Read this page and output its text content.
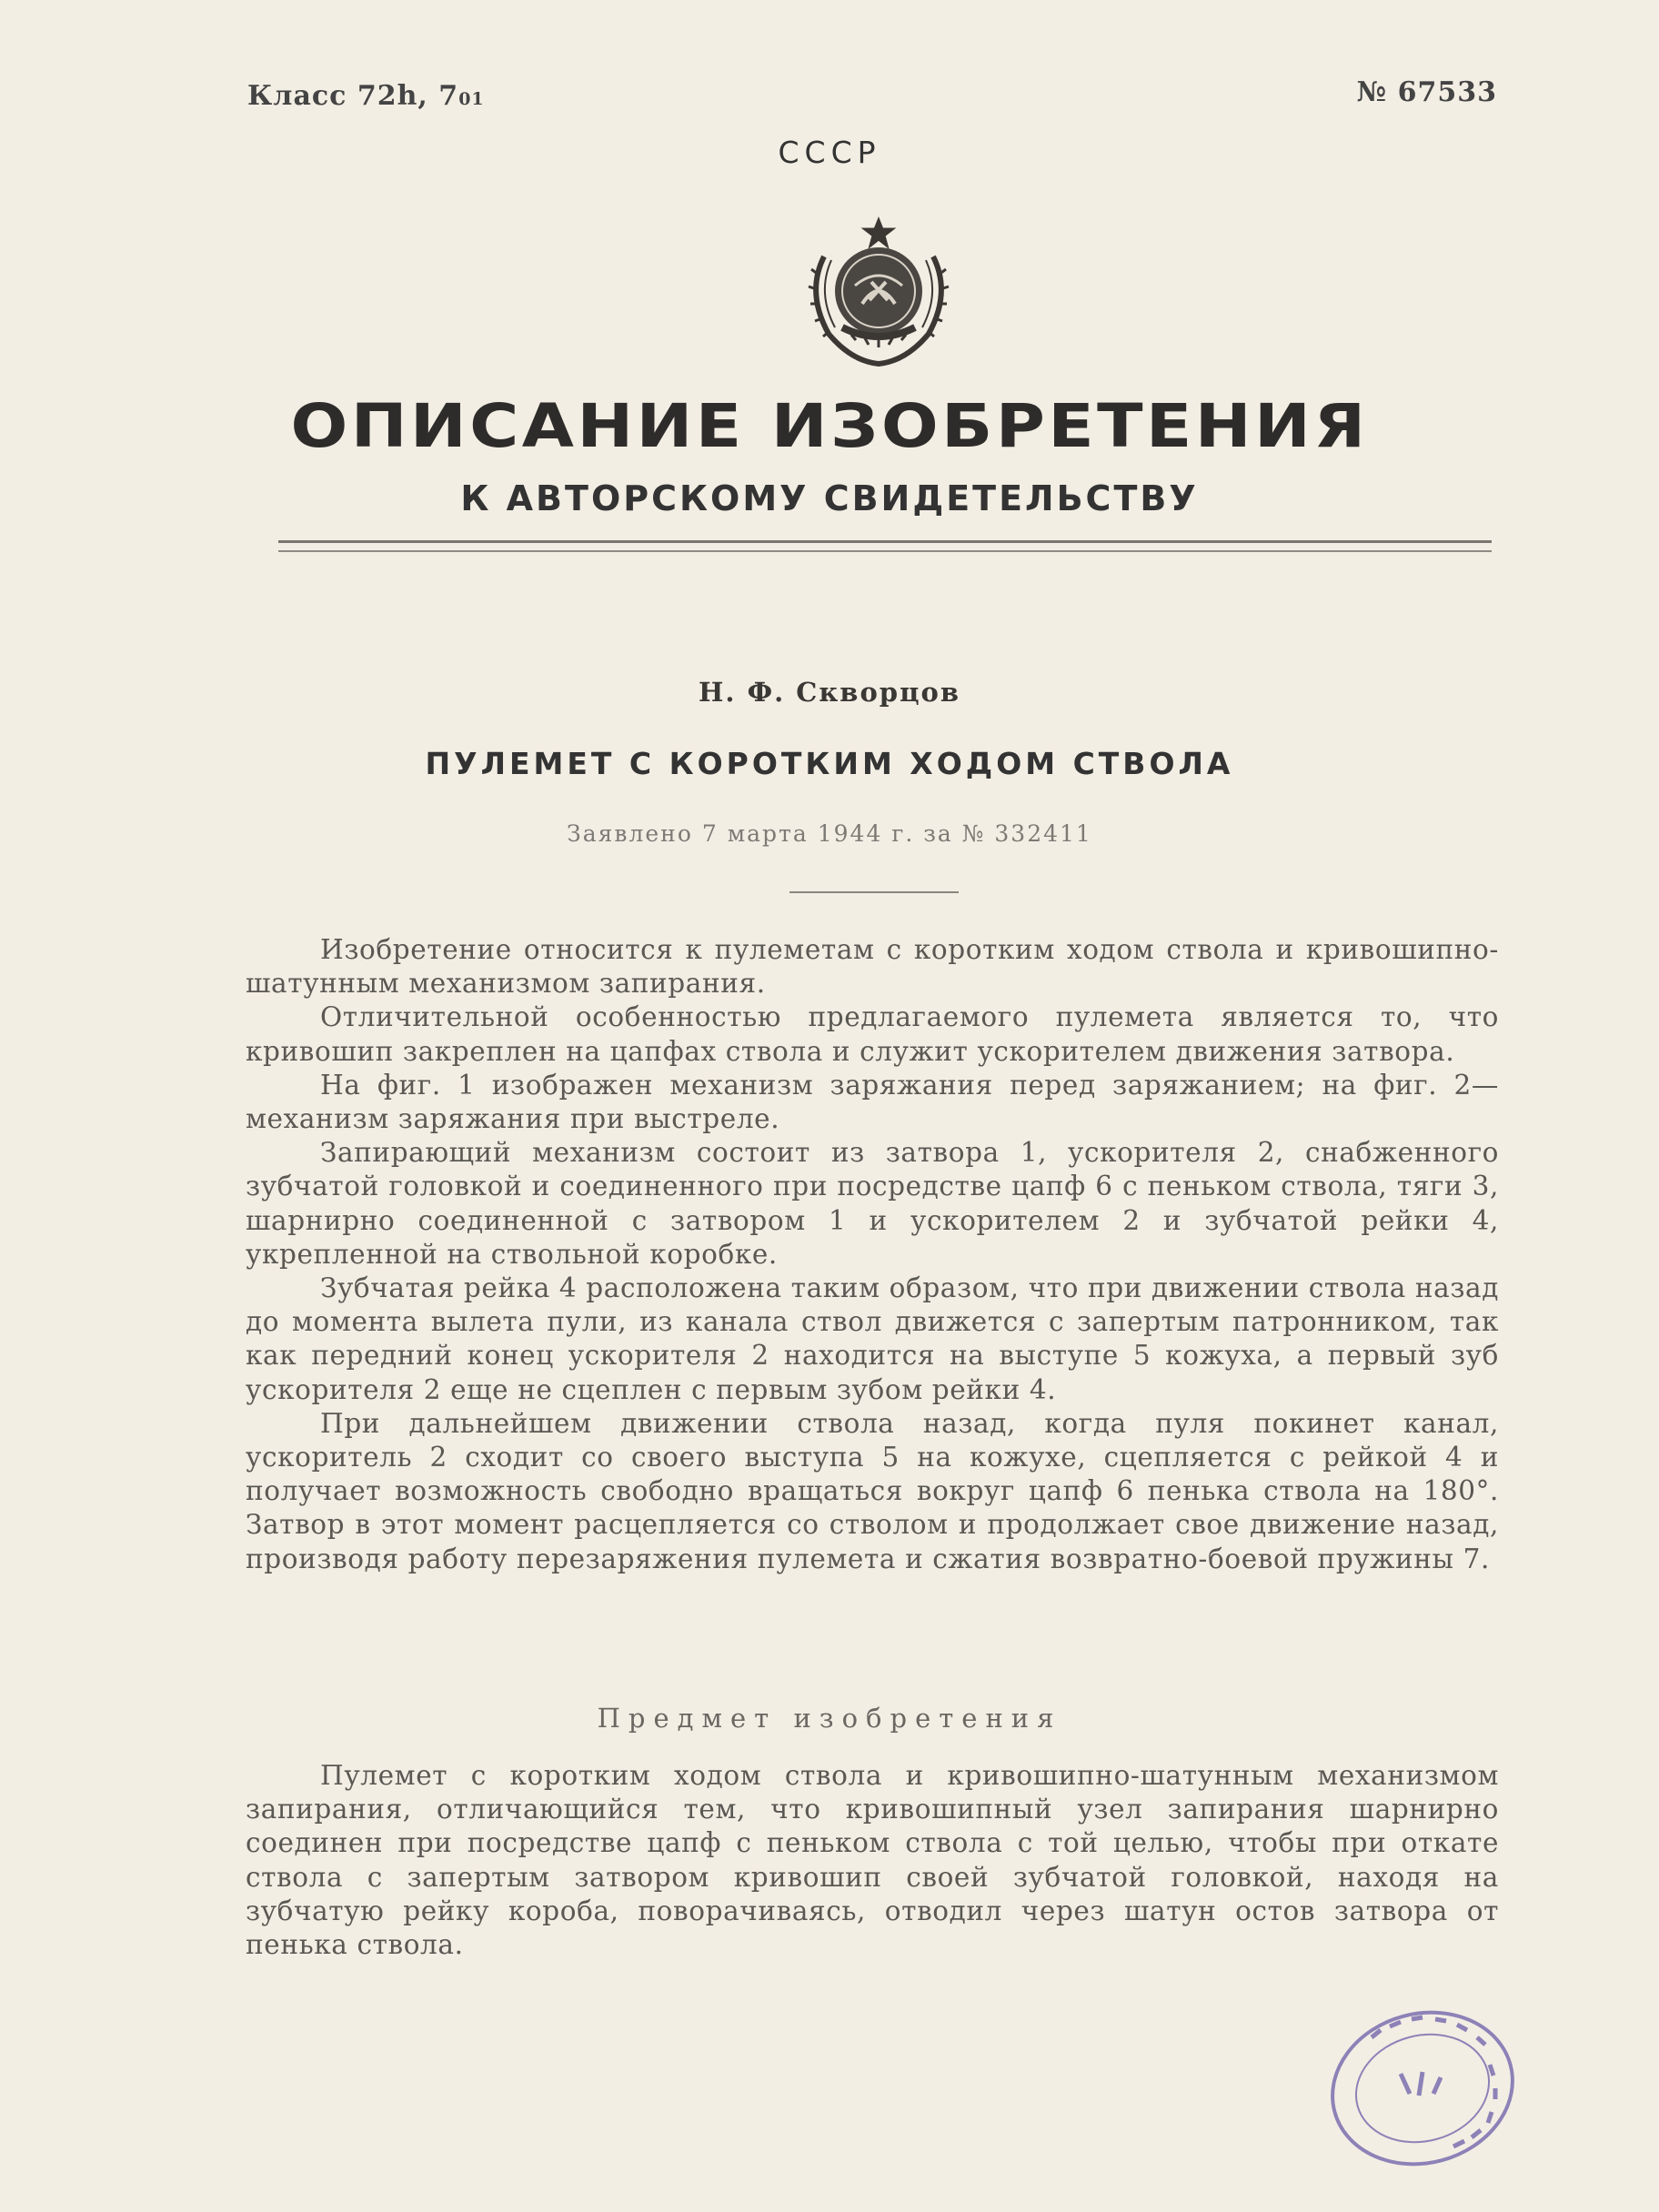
Класс 72h, 701	№ 67533
СССР
ОПИСАНИЕ ИЗОБРЕТЕНИЯ
К АВТОРСКОМУ СВИДЕТЕЛЬСТВУ
Н. Ф. Скворцов
ПУЛЕМЕТ С КОРОТКИМ ХОДОМ СТВОЛА
Заявлено 7 марта 1944 г. за № 332411

Изобретение относится к пулеметам с коротким ходом ствола и кривошипно-шатунным механизмом запирания.

Отличительной особенностью предлагаемого пулемета является то, что кривошип закреплен на цапфах ствола и служит ускорителем движения затвора.

На фиг. 1 изображен механизм заряжания перед заряжанием; на фиг. 2—механизм заряжания при выстреле.

Запирающий механизм состоит из затвора 1, ускорителя 2, снабженного зубчатой головкой и соединенного при посредстве цапф 6 с пеньком ствола, тяги 3, шарнирно соединенной с затвором 1 и ускорителем 2 и зубчатой рейки 4, укрепленной на ствольной коробке.

Зубчатая рейка 4 расположена таким образом, что при движении ствола назад до момента вылета пули, из канала ствол движется с запертым патронником, так как передний конец ускорителя 2 находится на выступе 5 кожуха, а первый зуб ускорителя 2 еще не сцеплен с первым зубом рейки 4.

При дальнейшем движении ствола назад, когда пуля покинет канал, ускоритель 2 сходит со своего выступа 5 на кожухе, сцепляется с рейкой 4 и получает возможность свободно вращаться вокруг цапф 6 пенька ствола на 180°. Затвор в этот момент расцепляется со стволом и продолжает свое движение назад, производя работу перезаряжения пулемета и сжатия возвратно-боевой пружины 7.

Предмет изобретения

Пулемет с коротким ходом ствола и кривошипно-шатунным механизмом запирания, отличающийся тем, что кривошипный узел запирания шарнирно соединен при посредстве цапф с пеньком ствола с той целью, чтобы при откате ствола с запертым затвором кривошип своей зубчатой головкой, находя на зубчатую рейку короба, поворачиваясь, отводил через шатун остов затвора от пенька ствола.
